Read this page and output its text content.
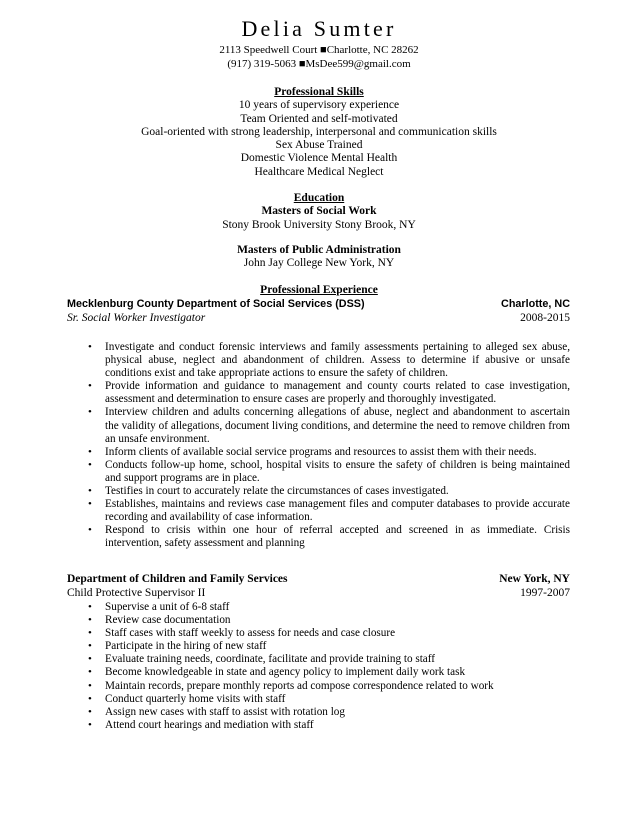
Delia Sumter
2113 Speedwell Court ■Charlotte, NC 28262
(917) 319-5063 ■MsDee599@gmail.com
Professional Skills
10 years of supervisory experience
Team Oriented and self-motivated
Goal-oriented with strong leadership, interpersonal and communication skills
Sex Abuse Trained
Domestic Violence Mental Health
Healthcare Medical Neglect
Education
Masters of Social Work
Stony Brook University Stony Brook, NY
Masters of Public Administration
John Jay College New York, NY
Professional Experience
Mecklenburg County Department of Social Services (DSS)	Charlotte, NC
Sr. Social Worker Investigator	2008-2015
• Investigate and conduct forensic interviews and family assessments pertaining to alleged sex abuse, physical abuse, neglect and abandonment of children. Assess to determine if abusive or unsafe conditions exist and take appropriate actions to ensure the safety of children.
• Provide information and guidance to management and county courts related to case investigation, assessment and determination to ensure cases are properly and thoroughly investigated.
• Interview children and adults concerning allegations of abuse, neglect and abandonment to ascertain the validity of allegations, document living conditions, and determine the need to remove children from an unsafe environment.
• Inform clients of available social service programs and resources to assist them with their needs.
• Conducts follow-up home, school, hospital visits to ensure the safety of children is being maintained and support programs are in place.
• Testifies in court to accurately relate the circumstances of cases investigated.
• Establishes, maintains and reviews case management files and computer databases to provide accurate recording and availability of case information.
• Respond to crisis within one hour of referral accepted and screened in as immediate. Crisis intervention, safety assessment and planning
Department of Children and Family Services	New York, NY
Child Protective Supervisor II	1997-2007
• Supervise a unit of 6-8 staff
• Review case documentation
• Staff cases with staff weekly to assess for needs and case closure
• Participate in the hiring of new staff
• Evaluate training needs, coordinate, facilitate and provide training to staff
• Become knowledgeable in state and agency policy to implement daily work task
• Maintain records, prepare monthly reports ad compose correspondence related to work
• Conduct quarterly home visits with staff
• Assign new cases with staff to assist with rotation log
• Attend court hearings and mediation with staff
